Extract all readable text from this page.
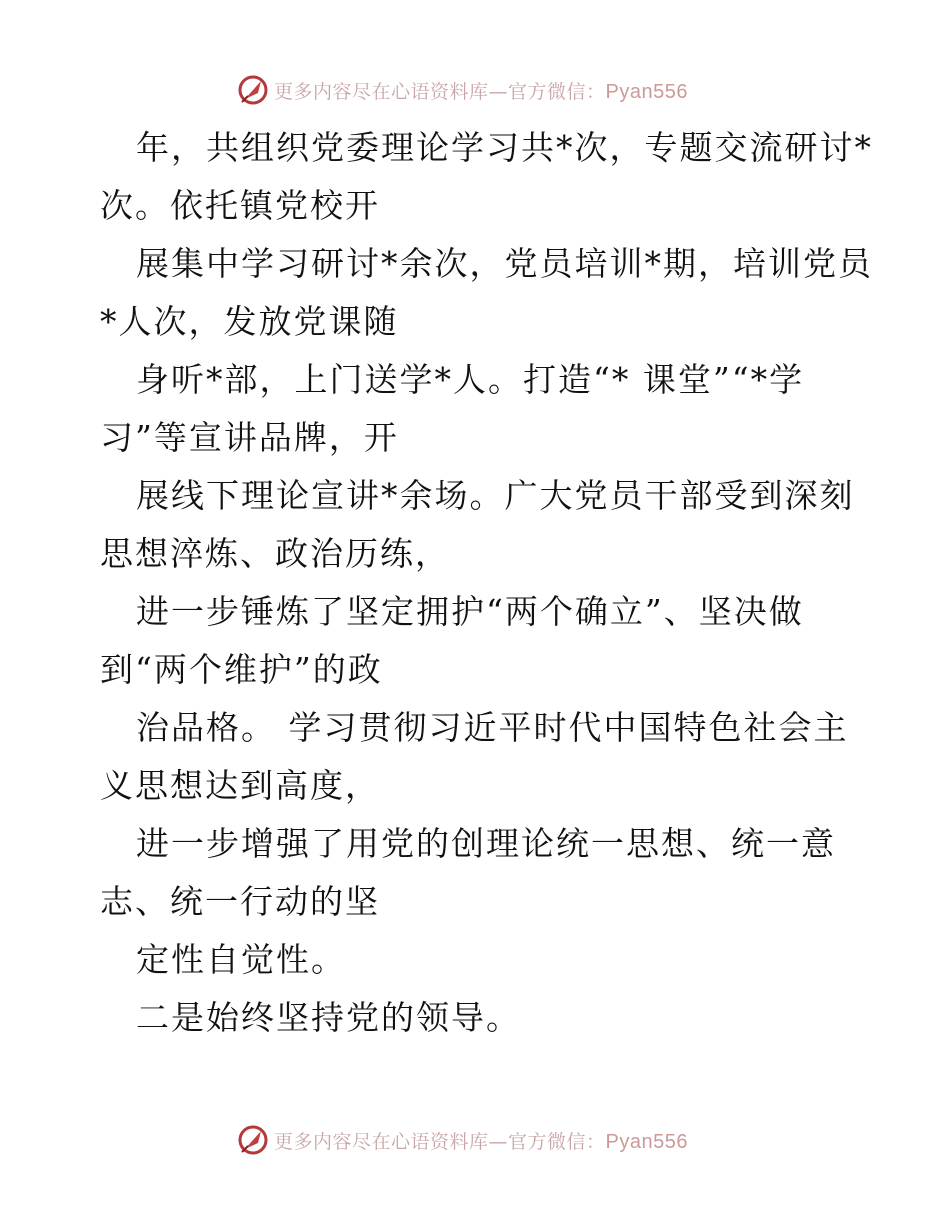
更多内容尽在心语资料库—官方微信：Pyan556
年，共组织党委理论学习共*次，专题交流研讨*
次。依托镇党校开
展集中学习研讨*余次，党员培训*期，培训党员
*人次，发放党课随
身听*部，上门送学*人。打造“* 课堂”“*学
习”等宣讲品牌，开
展线下理论宣讲*余场。广大党员干部受到深刻
思想淬炼、政治历练，
进一步锤炼了坚定拥护“两个确立”、坚决做
到“两个维护”的政
治品格。 学习贯彻习近平时代中国特色社会主
义思想达到高度，
进一步增强了用党的创理论统一思想、统一意
志、统一行动的坚
定性自觉性。
二是始终坚持党的领导。
更多内容尽在心语资料库—官方微信：Pyan556
